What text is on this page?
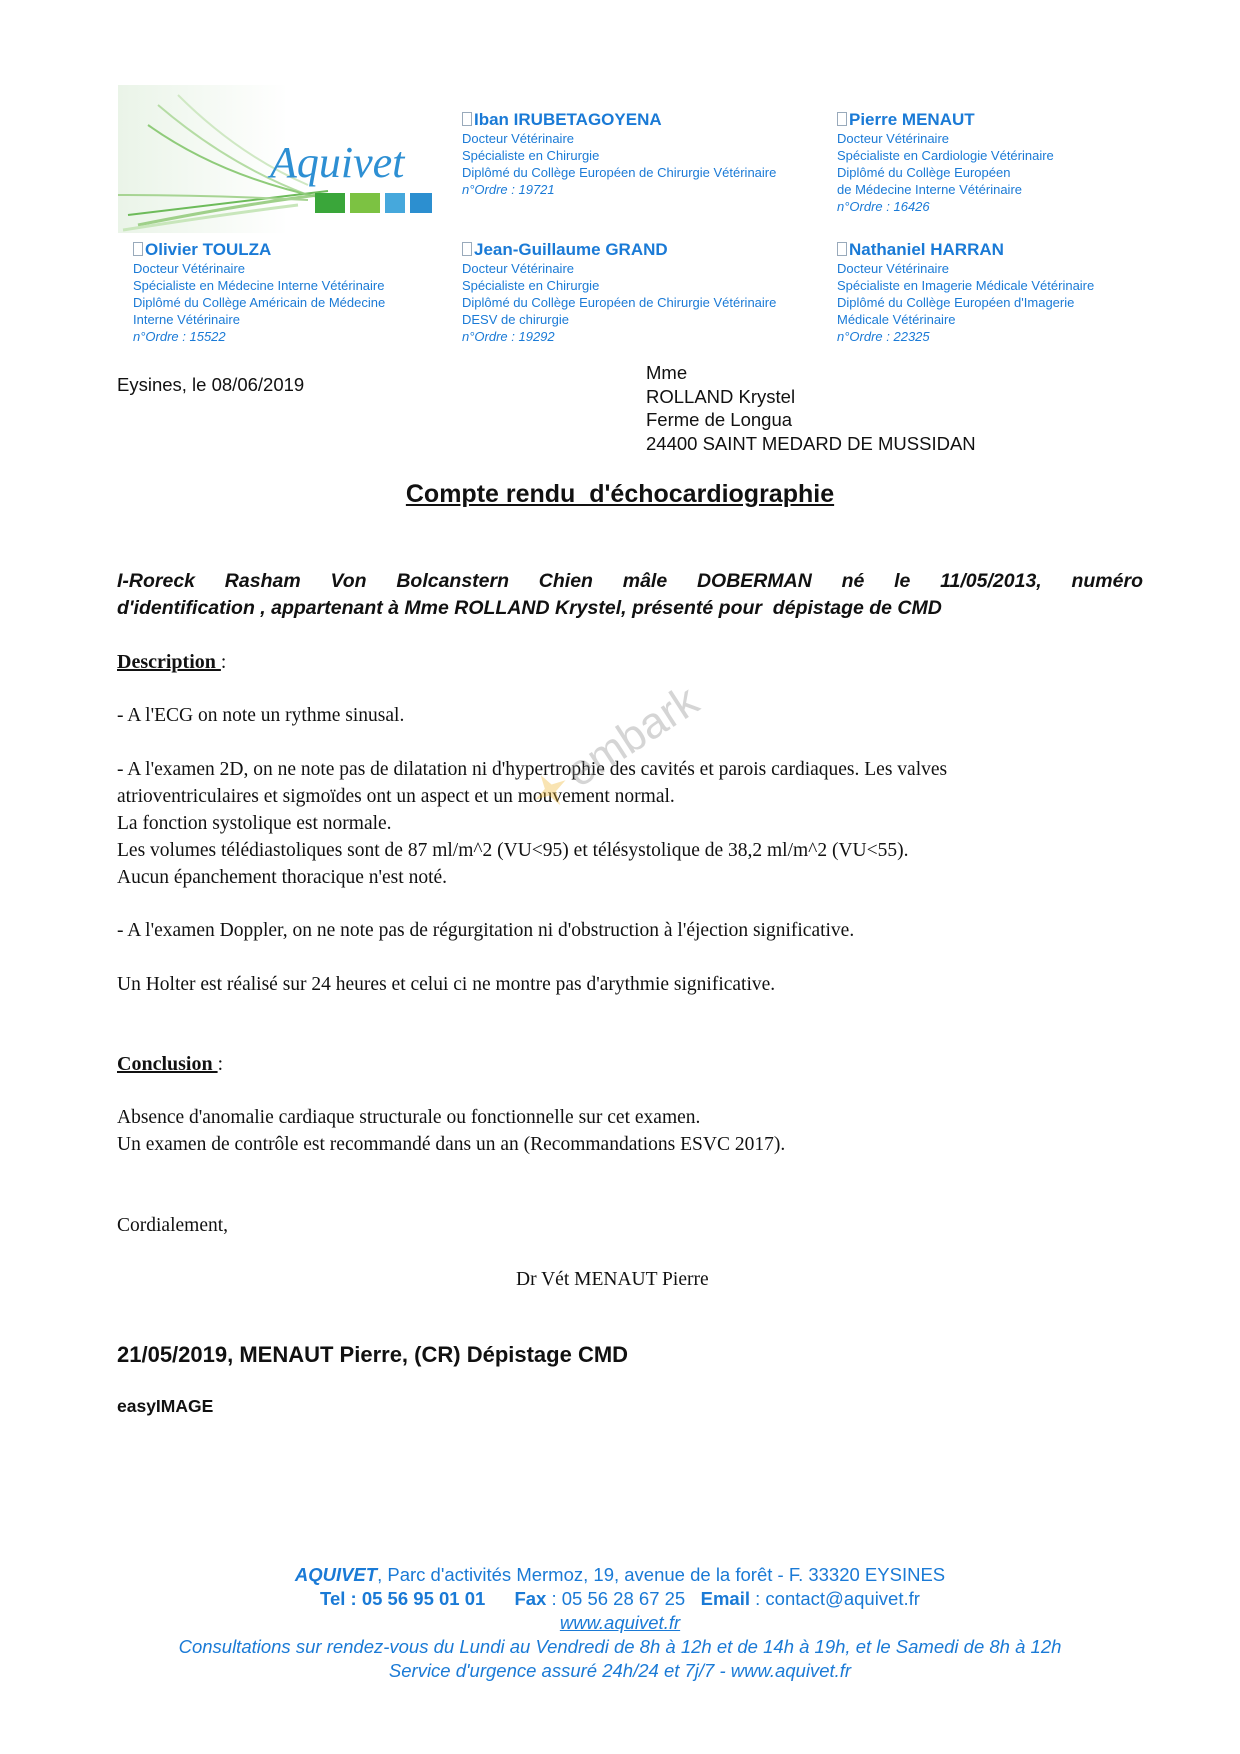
Aquivet
Iban IRUBETAGOYENA
Docteur Vétérinaire
Spécialiste en Chirurgie
Diplômé du Collège Européen de Chirurgie Vétérinaire
n°Ordre : 19721
Pierre MENAUT
Docteur Vétérinaire
Spécialiste en Cardiologie Vétérinaire
Diplômé du Collège Européen
de Médecine Interne Vétérinaire
n°Ordre : 16426
Olivier TOULZA
Docteur Vétérinaire
Spécialiste en Médecine Interne Vétérinaire
Diplômé du Collège Américain de Médecine
Interne Vétérinaire
n°Ordre : 15522
Jean-Guillaume GRAND
Docteur Vétérinaire
Spécialiste en Chirurgie
Diplômé du Collège Européen de Chirurgie Vétérinaire
DESV de chirurgie
n°Ordre : 19292
Nathaniel HARRAN
Docteur Vétérinaire
Spécialiste en Imagerie Médicale Vétérinaire
Diplômé du Collège Européen d'Imagerie
Médicale Vétérinaire
n°Ordre : 22325
Eysines, le 08/06/2019
Mme
ROLLAND Krystel
Ferme de Longua
24400 SAINT MEDARD DE MUSSIDAN
Compte rendu  d'échocardiographie
I-Roreck  Rasham  Von  Bolcanstern  Chien  mâle  DOBERMAN  né  le  11/05/2013,  numéro
d'identification , appartenant à Mme ROLLAND Krystel, présenté pour  dépistage de CMD
Description :
- A l'ECG on note un rythme sinusal.
- A l'examen 2D, on ne note pas de dilatation ni d'hypertrophie des cavités et parois cardiaques. Les valves
atrioventriculaires et sigmoïdes ont un aspect et un mouvement normal.
La fonction systolique est normale.
Les volumes télédiastoliques sont de 87 ml/m^2 (VU<95) et télésystolique de 38,2 ml/m^2 (VU<55).
Aucun épanchement thoracique n'est noté.
- A l'examen Doppler, on ne note pas de régurgitation ni d'obstruction à l'éjection significative.
Un Holter est réalisé sur 24 heures et celui ci ne montre pas d'arythmie significative.
embark
Conclusion :
Absence d'anomalie cardiaque structurale ou fonctionnelle sur cet examen.
Un examen de contrôle est recommandé dans un an (Recommandations ESVC 2017).
Cordialement,
Dr Vét MENAUT Pierre
21/05/2019, MENAUT Pierre, (CR) Dépistage CMD
easyIMAGE
AQUIVET, Parc d'activités Mermoz, 19, avenue de la forêt - F. 33320 EYSINES
Tel : 05 56 95 01 01 Fax : 05 56 28 67 25   Email : contact@aquivet.fr
www.aquivet.fr
Consultations sur rendez-vous du Lundi au Vendredi de 8h à 12h et de 14h à 19h, et le Samedi de 8h à 12h
Service d'urgence assuré 24h/24 et 7j/7 - www.aquivet.fr
